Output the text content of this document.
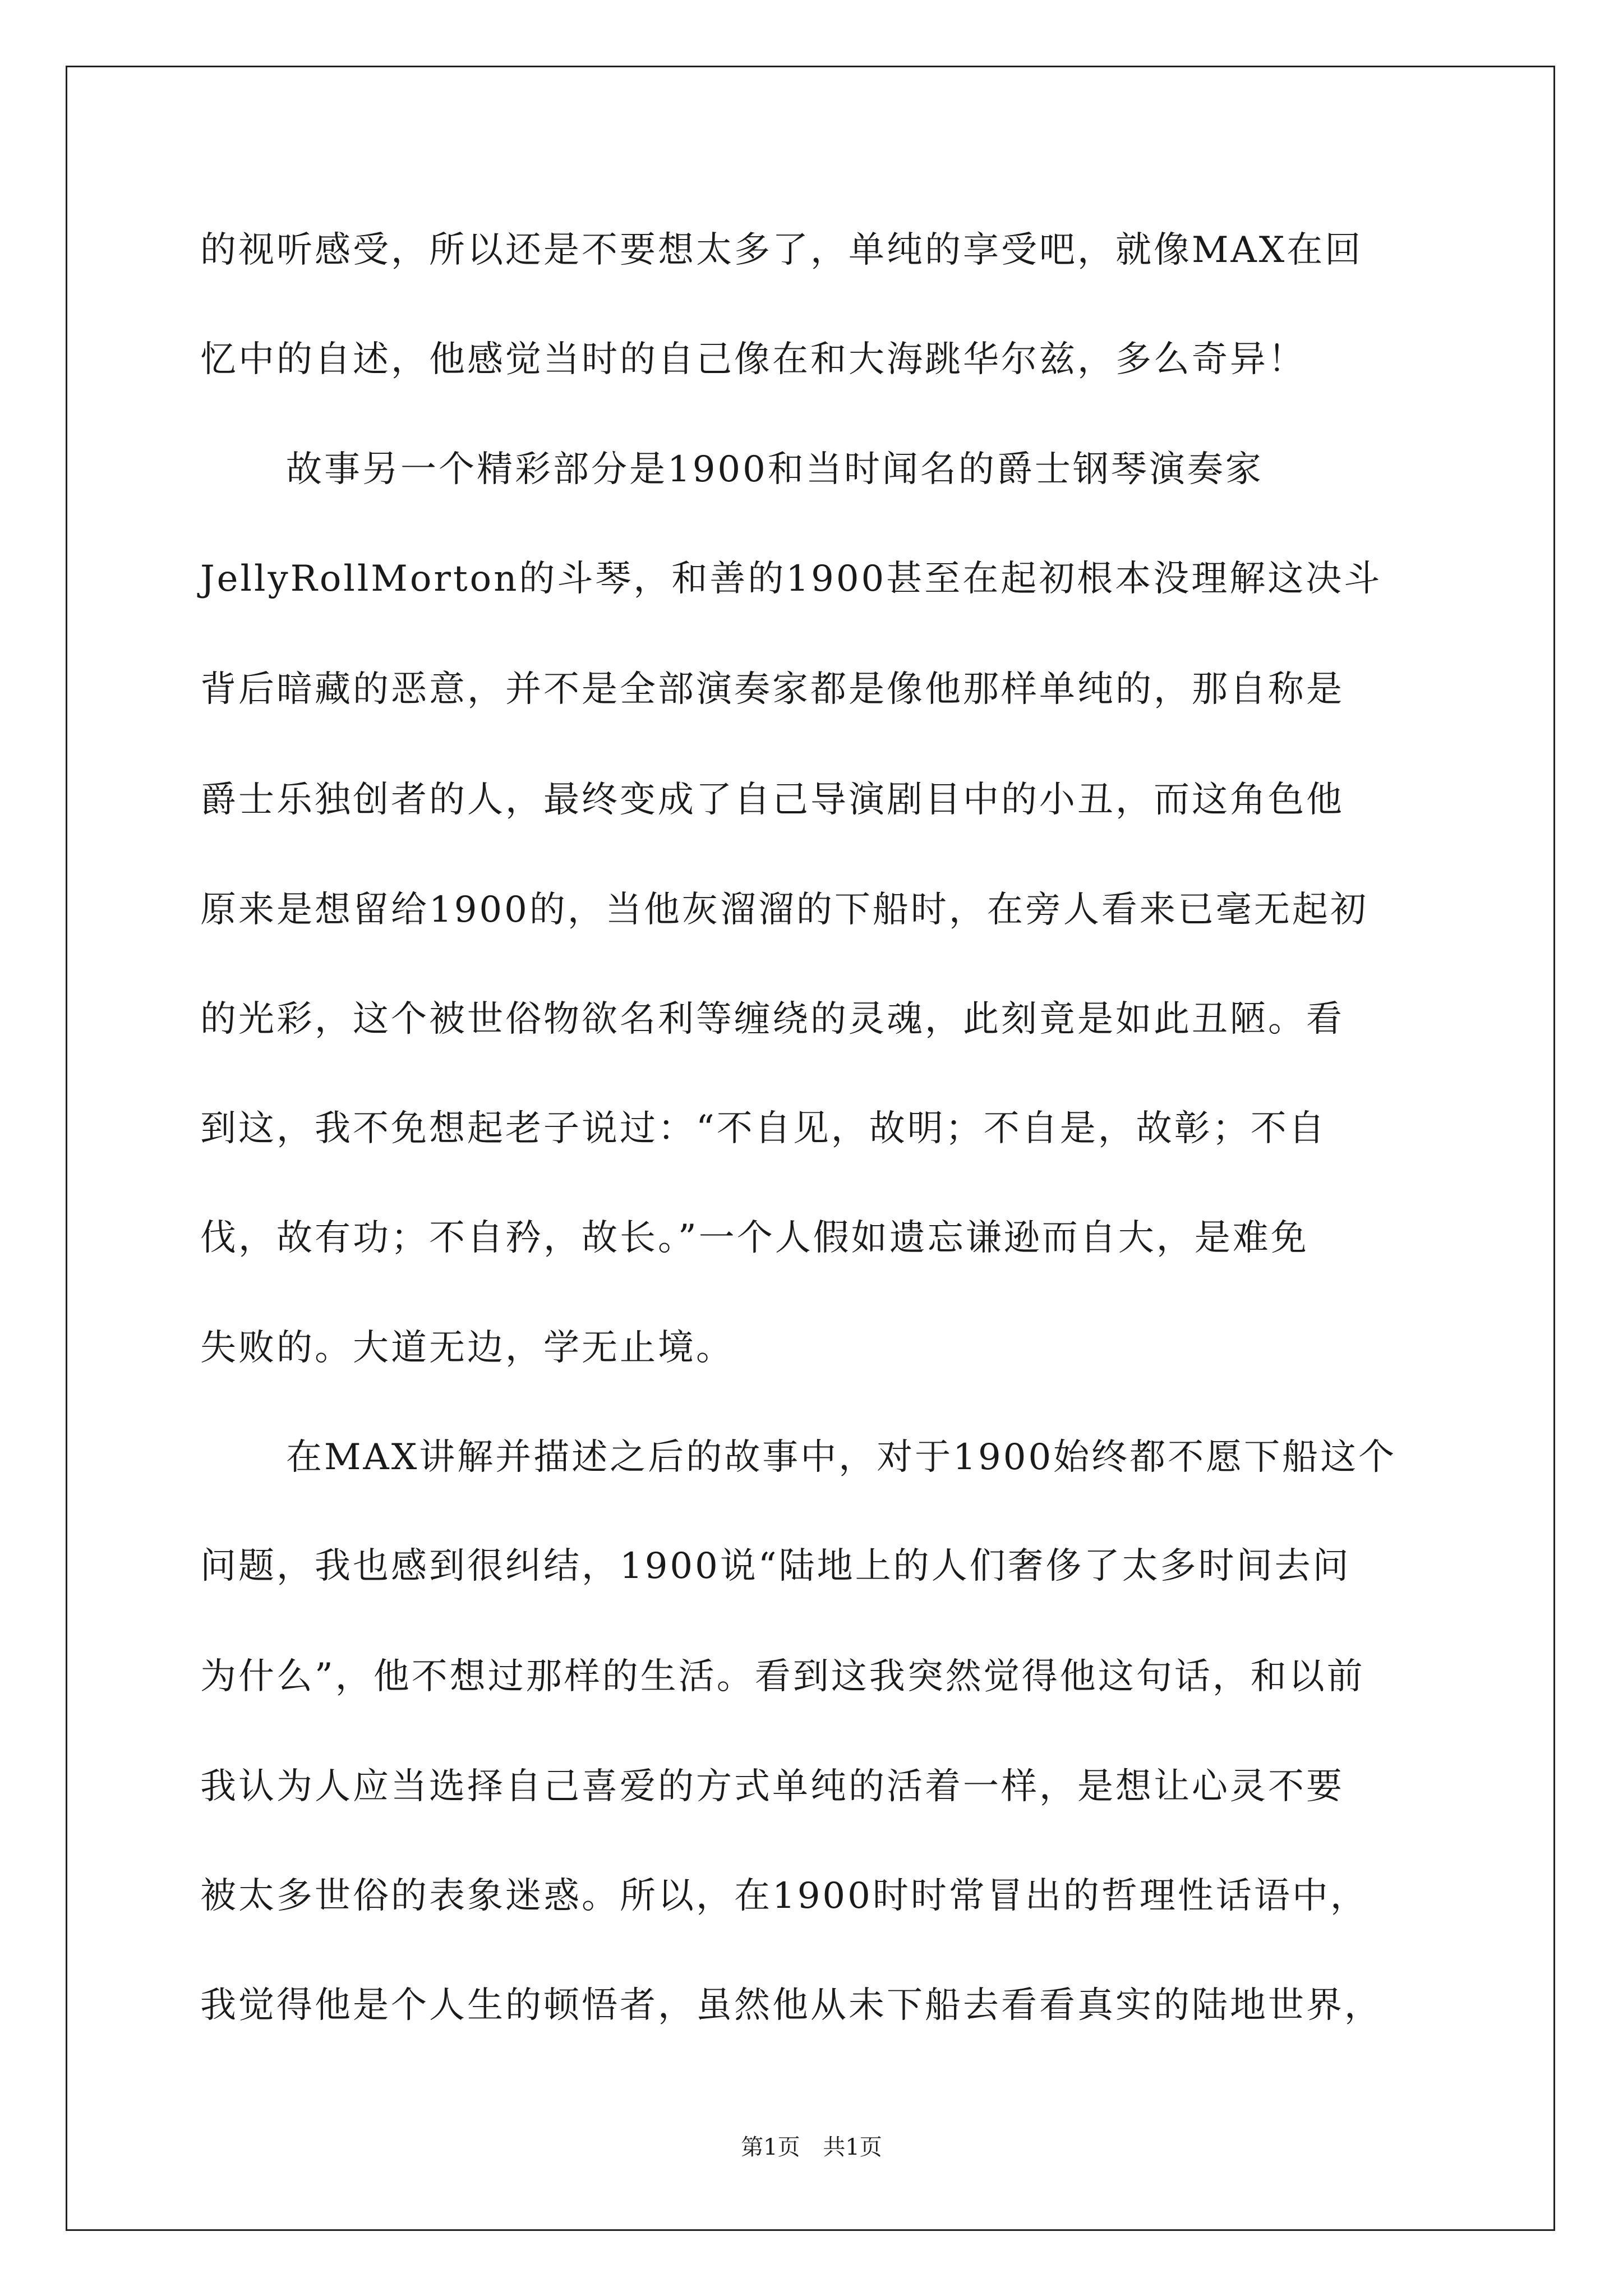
的视听感受，所以还是不要想太多了，单纯的享受吧，就像MAX在回
忆中的自述，他感觉当时的自己像在和大海跳华尔兹，多么奇异！
故事另一个精彩部分是1900和当时闻名的爵士钢琴演奏家
JellyRollMorton的斗琴，和善的1900甚至在起初根本没理解这决斗
背后暗藏的恶意，并不是全部演奏家都是像他那样单纯的，那自称是
爵士乐独创者的人，最终变成了自己导演剧目中的小丑，而这角色他
原来是想留给1900的，当他灰溜溜的下船时，在旁人看来已毫无起初
的光彩，这个被世俗物欲名利等缠绕的灵魂，此刻竟是如此丑陋。看
到这，我不免想起老子说过：“不自见，故明；不自是，故彰；不自
伐，故有功；不自矜，故长。”一个人假如遗忘谦逊而自大，是难免
失败的。大道无边，学无止境。
在MAX讲解并描述之后的故事中，对于1900始终都不愿下船这个
问题，我也感到很纠结，1900说“陆地上的人们奢侈了太多时间去问
为什么”，他不想过那样的生活。看到这我突然觉得他这句话，和以前
我认为人应当选择自己喜爱的方式单纯的活着一样，是想让心灵不要
被太多世俗的表象迷惑。所以，在1900时时常冒出的哲理性话语中，
我觉得他是个人生的顿悟者，虽然他从未下船去看看真实的陆地世界，
第1页 共1页
